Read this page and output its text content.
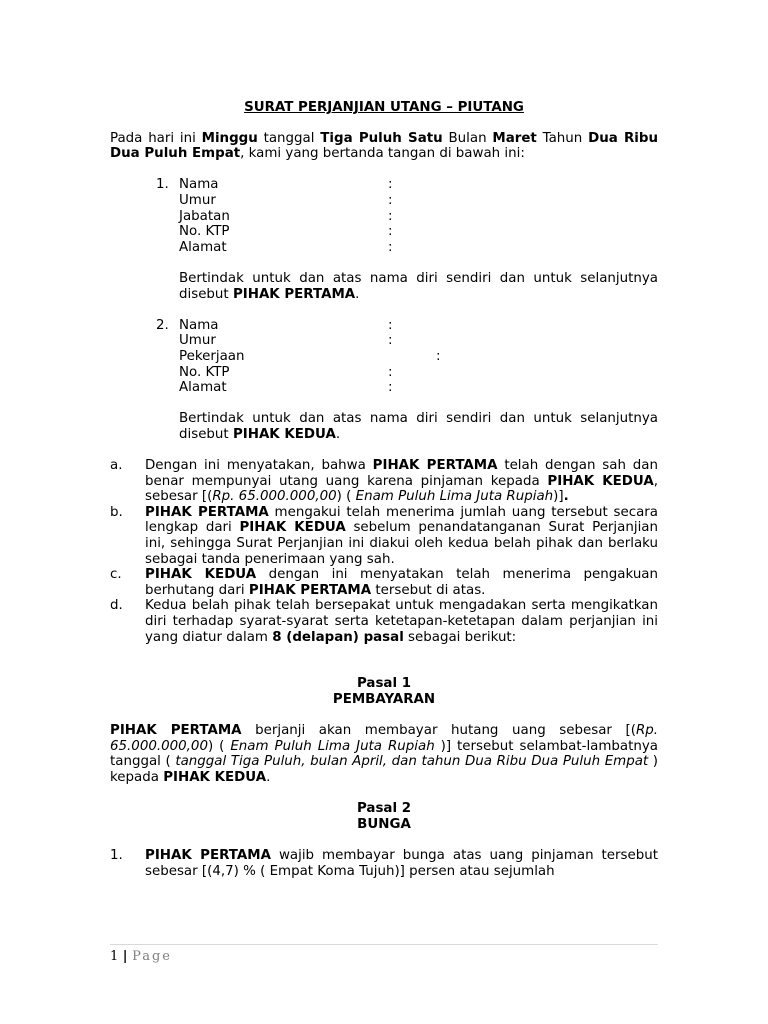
SURAT PERJANJIAN UTANG – PIUTANG

Pada hari ini Minggu tanggal Tiga Puluh Satu Bulan Maret Tahun Dua Ribu Dua Puluh Empat, kami yang bertanda tangan di bawah ini:

1. Nama	:
Umur	:
Jabatan	:
No. KTP	:
Alamat	:

Bertindak untuk dan atas nama diri sendiri dan untuk selanjutnya disebut PIHAK PERTAMA.

2. Nama	:
Umur	:
Pekerjaan	:
No. KTP	:
Alamat	:

Bertindak untuk dan atas nama diri sendiri dan untuk selanjutnya disebut PIHAK KEDUA.

a. Dengan ini menyatakan, bahwa PIHAK PERTAMA telah dengan sah dan benar mempunyai utang uang karena pinjaman kepada PIHAK KEDUA, sebesar [(Rp. 65.000.000,00) ( Enam Puluh Lima Juta Rupiah)].

b. PIHAK PERTAMA mengakui telah menerima jumlah uang tersebut secara lengkap dari PIHAK KEDUA sebelum penandatanganan Surat Perjanjian ini, sehingga Surat Perjanjian ini diakui oleh kedua belah pihak dan berlaku sebagai tanda penerimaan yang sah.

c. PIHAK KEDUA dengan ini menyatakan telah menerima pengakuan berhutang dari PIHAK PERTAMA tersebut di atas.

d. Kedua belah pihak telah bersepakat untuk mengadakan serta mengikatkan diri terhadap syarat-syarat serta ketetapan-ketetapan dalam perjanjian ini yang diatur dalam 8 (delapan) pasal sebagai berikut:

Pasal 1

PEMBAYARAN

PIHAK PERTAMA berjanji akan membayar hutang uang sebesar [(Rp. 65.000.000,00) ( Enam Puluh Lima Juta Rupiah )] tersebut selambat-lambatnya tanggal ( tanggal Tiga Puluh, bulan April, dan tahun Dua Ribu Dua Puluh Empat ) kepada PIHAK KEDUA.

Pasal 2

BUNGA

1. PIHAK PERTAMA wajib membayar bunga atas uang pinjaman tersebut sebesar [(4,7) % ( Empat Koma Tujuh)] persen atau sejumlah

1 | Page
